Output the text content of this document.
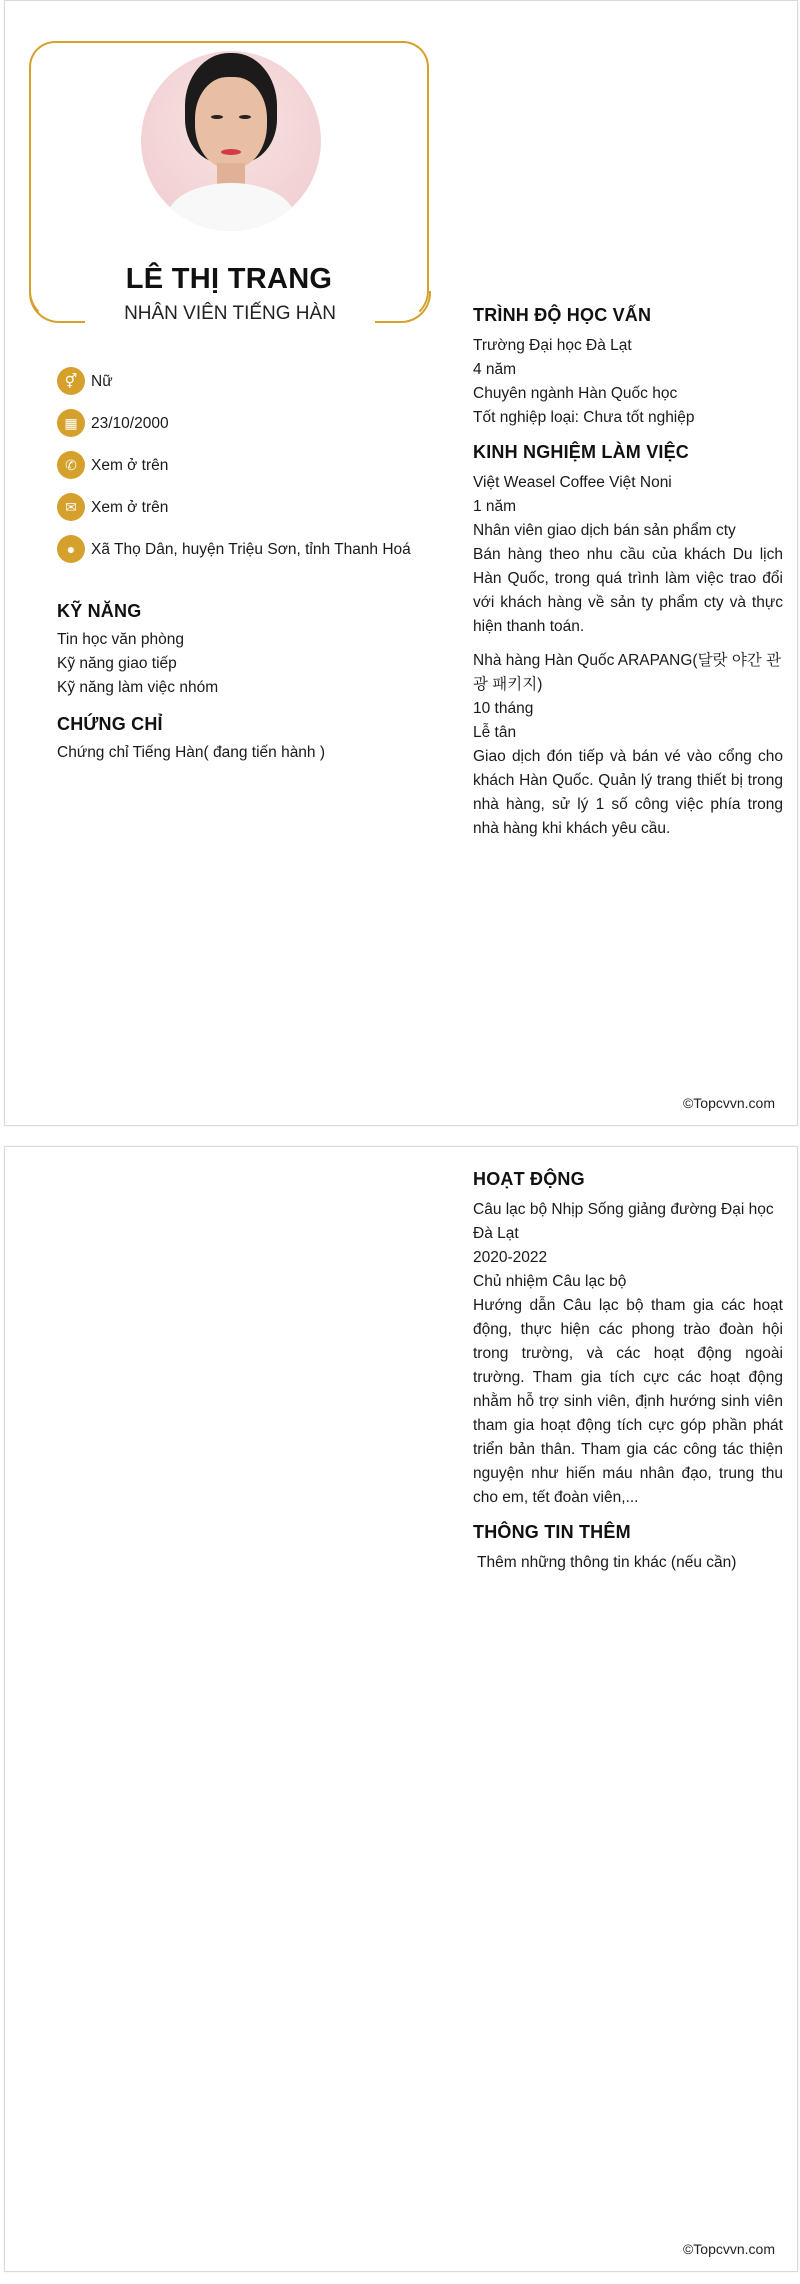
LÊ THỊ TRANG
NHÂN VIÊN TIẾNG HÀN
⚥ Nữ
▦ 23/10/2000
✆ Xem ở trên
✉ Xem ở trên
●	Xã Thọ Dân, huyện Triệu Sơn, tỉnh Thanh Hoá
KỸ NĂNG
Tin học văn phòng
Kỹ năng giao tiếp
Kỹ năng làm việc nhóm
CHỨNG CHỈ
Chứng chỉ Tiếng Hàn( đang tiến hành )
TRÌNH ĐỘ HỌC VẤN
Trường Đại học Đà Lạt
4 năm
Chuyên ngành Hàn Quốc học
Tốt nghiệp loại: Chưa tốt nghiệp
KINH NGHIỆM LÀM VIỆC
Việt Weasel Coffee Việt Noni
1 năm
Nhân viên giao dịch bán sản phẩm cty
Bán hàng theo nhu cầu của khách Du lịch Hàn Quốc, trong quá trình làm việc trao đổi với khách hàng về sản ty phẩm cty và thực hiện thanh toán.
Nhà hàng Hàn Quốc ARAPANG(달랏 야간 관광 패키지)
10 tháng
Lễ tân
Giao dịch đón tiếp và bán vé vào cổng cho khách Hàn Quốc. Quản lý trang thiết bị trong nhà hàng, sử lý 1 số công việc phía trong nhà hàng khi khách yêu cầu.
©Topcvvn.com
HOẠT ĐỘNG
Câu lạc bộ Nhịp Sống giảng đường Đại học Đà Lạt
2020-2022
Chủ nhiệm Câu lạc bộ
Hướng dẫn Câu lạc bộ tham gia các hoạt động, thực hiện các phong trào đoàn hội trong trường, và các hoạt động ngoài trường. Tham gia tích cực các hoạt động nhằm hỗ trợ sinh viên, định hướng sinh viên tham gia hoạt động tích cực góp phần phát triển bản thân. Tham gia các công tác thiện nguyện như hiến máu nhân đạo, trung thu cho em, tết đoàn viên,...
THÔNG TIN THÊM
Thêm những thông tin khác (nếu cần)
©Topcvvn.com
